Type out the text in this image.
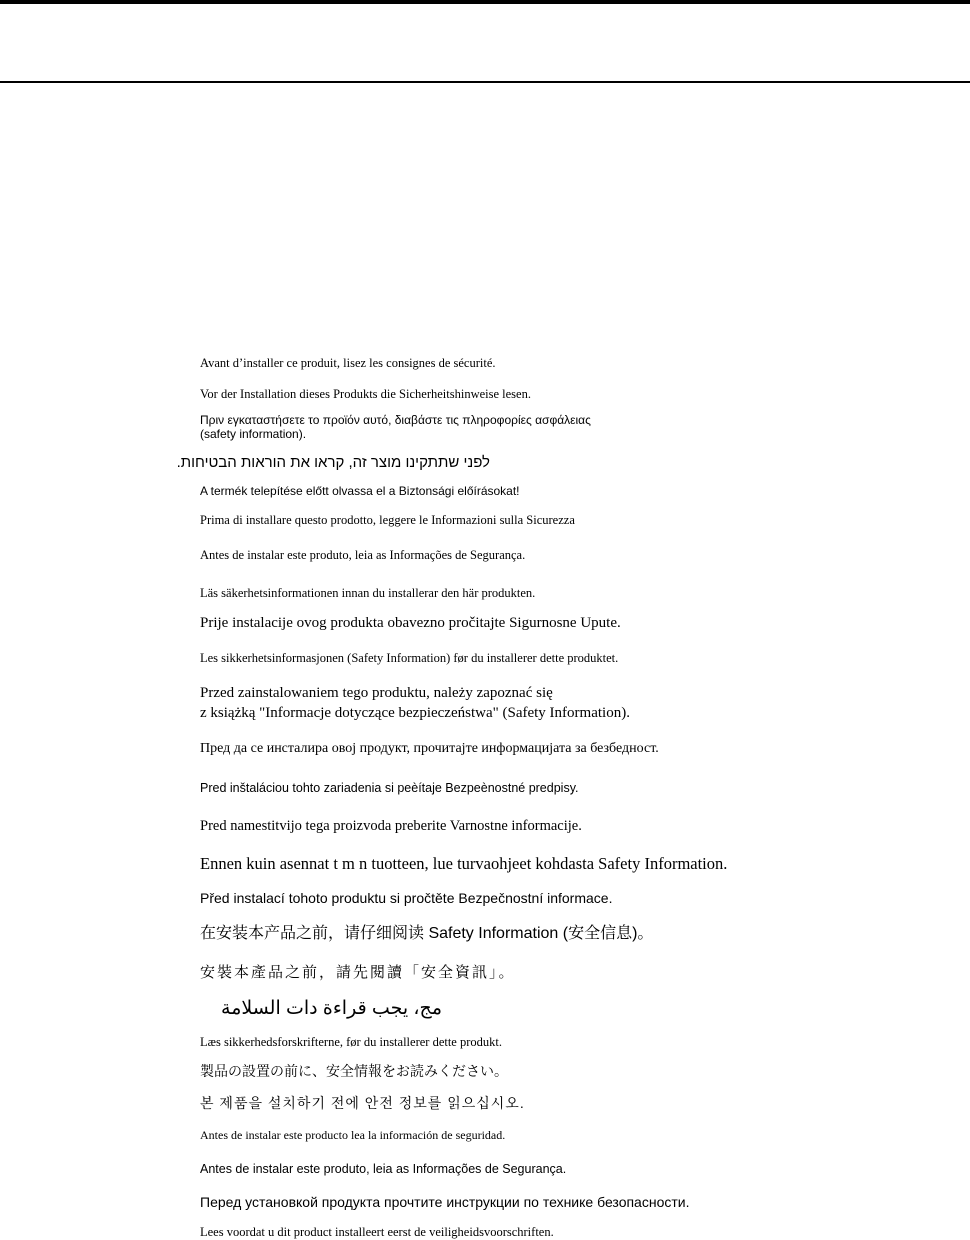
Avant d’installer ce produit, lisez les consignes de sécurité.
Vor der Installation dieses Produkts die Sicherheitshinweise lesen.
Πριν εγκαταστήσετε το προϊόν αυτό, διαβάστε τις πληροφορίες ασφάλειας
(safety information).
לפני שתתקינו מוצר זה, קראו את הוראות הבטיחות.
A termék telepítése előtt olvassa el a Biztonsági előírásokat!
Prima di installare questo prodotto, leggere le Informazioni sulla Sicurezza
Antes de instalar este produto, leia as Informações de Segurança.
Läs säkerhetsinformationen innan du installerar den här produkten.
Prije instalacije ovog produkta obavezno pročitajte Sigurnosne Upute.
Les sikkerhetsinformasjonen (Safety Information) før du installerer dette produktet.
Przed zainstalowaniem tego produktu, należy zapoznać się
z książką "Informacje dotyczące bezpieczeństwa" (Safety Information).
Пред да се инсталира овој продукт, прочитајте информацијата за безбедност.
Pred inštaláciou tohto zariadenia si peèítaje Bezpeènostné predpisy.
Pred namestitvijo tega proizvoda preberite Varnostne informacije.
Ennen kuin asennat t m n tuotteen, lue turvaohjeet kohdasta Safety Information.
Před instalací tohoto produktu si pročtěte Bezpečnostní informace.
在安装本产品之前，请仔细阅读 Safety Information (安全信息)。
安裝本產品之前，請先閱讀「安全資訊」。
مج، يجب قراءة دات السلامة
Læs sikkerhedsforskrifterne, før du installerer dette produkt.
製品の設置の前に、安全情報をお読みください。
본 제품을 설치하기 전에 안전 정보를 읽으십시오.
Antes de instalar este producto lea la información de seguridad.
Antes de instalar este produto, leia as Informações de Segurança.
Перед установкой продукта прочтите инструкции по технике безопасности.
Lees voordat u dit product installeert eerst de veiligheidsvoorschriften.
